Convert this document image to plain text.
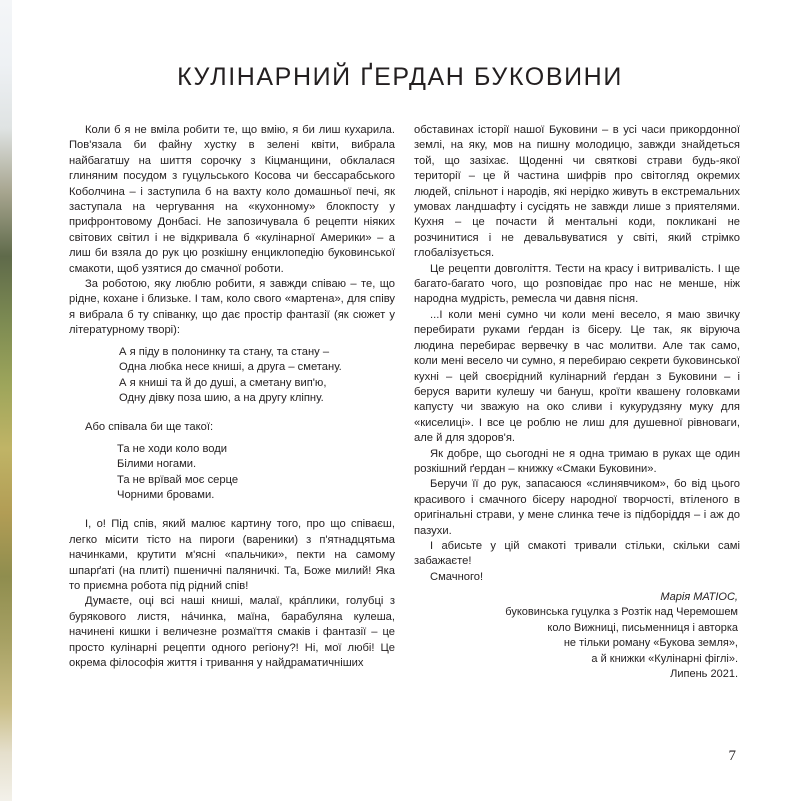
КУЛІНАРНИЙ ҐЕРДАН БУКОВИНИ

Коли б я не вміла робити те, що вмію, я би лиш кухарила. Пов'язала би файну хустку в зелені квіти, вибрала найбагатшу на шиття сорочку з Кіцманщини, обклалася глиняним посудом з гуцульського Косова чи бессарабського Коболчина – і заступила б на вахту коло домашньої печі, як заступала на чергування на «кухонному» блокпосту у прифронтовому Донбасі. Не запозичувала б рецепти ніяких світових світил і не відкривала б «кулінарної Америки» – а лиш би взяла до рук цю розкішну енциклопедію буковинської смакоти, щоб узятися до смачної роботи.

За роботою, яку люблю робити, я завжди співаю – те, що рідне, кохане і близьке. І там, коло свого «мартена», для співу я вибрала б ту співанку, що дає простір фантазії (як сюжет у літературному творі):

А я піду в полонинку та стану, та стану –
Одна любка несе книші, а друга – сметану.
А я книші та й до душі, а сметану вип'ю,
Одну дівку поза шию, а на другу кліпну.

Або співала би ще такої:

Та не ходи коло води
Білими ногами.
Та не врївай моє серце
Чорними бровами.

І, о! Під спів, який малює картину того, про що співаєш, легко місити тісто на пироги (вареники) з п'ятнадцятьма начинками, крутити м'ясні «пальчики», пекти на самому шпарґаті (на плиті) пшеничні паляничкі. Та, Боже милий! Яка то приємна робота під рідний спів!

Думаєте, оці всі наші книші, малаї, кра́плики, голубці з бурякового листя, на́чинка, маїна, барабуляна кулеша, начинені кишки і величезне розмаїття смаків і фантазії – це просто кулінарні рецепти одного регіону?! Ні, мої любі! Це окрема філософія життя і тривання у найдраматичніших

обставинах історії нашої Буковини – в усі часи прикордонної землі, на яку, мов на пишну молодицю, завжди знайдеться той, що зазіхає. Щоденні чи святкові страви будь-якої території – це й частина шифрів про світогляд окремих людей, спільнот і народів, які нерідко живуть в екстремальних умовах ландшафту і сусідять не завжди лише з приятелями. Кухня – це почасти й ментальні коди, покликані не розчинитися і не девальвуватися у світі, який стрімко глобалізується.

Це рецепти довголіття. Тести на красу і витривалість. І ще багато-багато чого, що розповідає про нас не менше, ніж народна мудрість, ремесла чи давня пісня.

...І коли мені сумно чи коли мені весело, я маю звичку перебирати руками ґердан із бісеру. Це так, як віруюча людина перебирає вервечку в час молитви. Але так само, коли мені весело чи сумно, я перебираю секрети буковинської кухні – цей своєрідний кулінарний ґердан з Буковини – і беруся варити кулешу чи бануш, кроїти квашену головками капусту чи зважую на око сливи і кукурудзяну муку для «киселиці». І все це роблю не лиш для душевної рівноваги, але й для здоров'я.

Як добре, що сьогодні не я одна тримаю в руках ще один розкішний ґердан – книжку «Смаки Буковини».

Беручи її до рук, запасаюся «слинявчиком», бо від цього красивого і смачного бісеру народної творчості, втіленого в оригінальні страви, у мене слинка тече із підборіддя – і аж до пазухи.

І абисьте у цій смакоті тривали стільки, скільки самі забажаєте!

Смачного!

Марія МАТІОС,
буковинська гуцулка з Розтік над Черемошем
коло Вижниці, письменниця і авторка
не тільки роману «Букова земля»,
а й книжки «Кулінарні фіглі».
Липень 2021.
7
